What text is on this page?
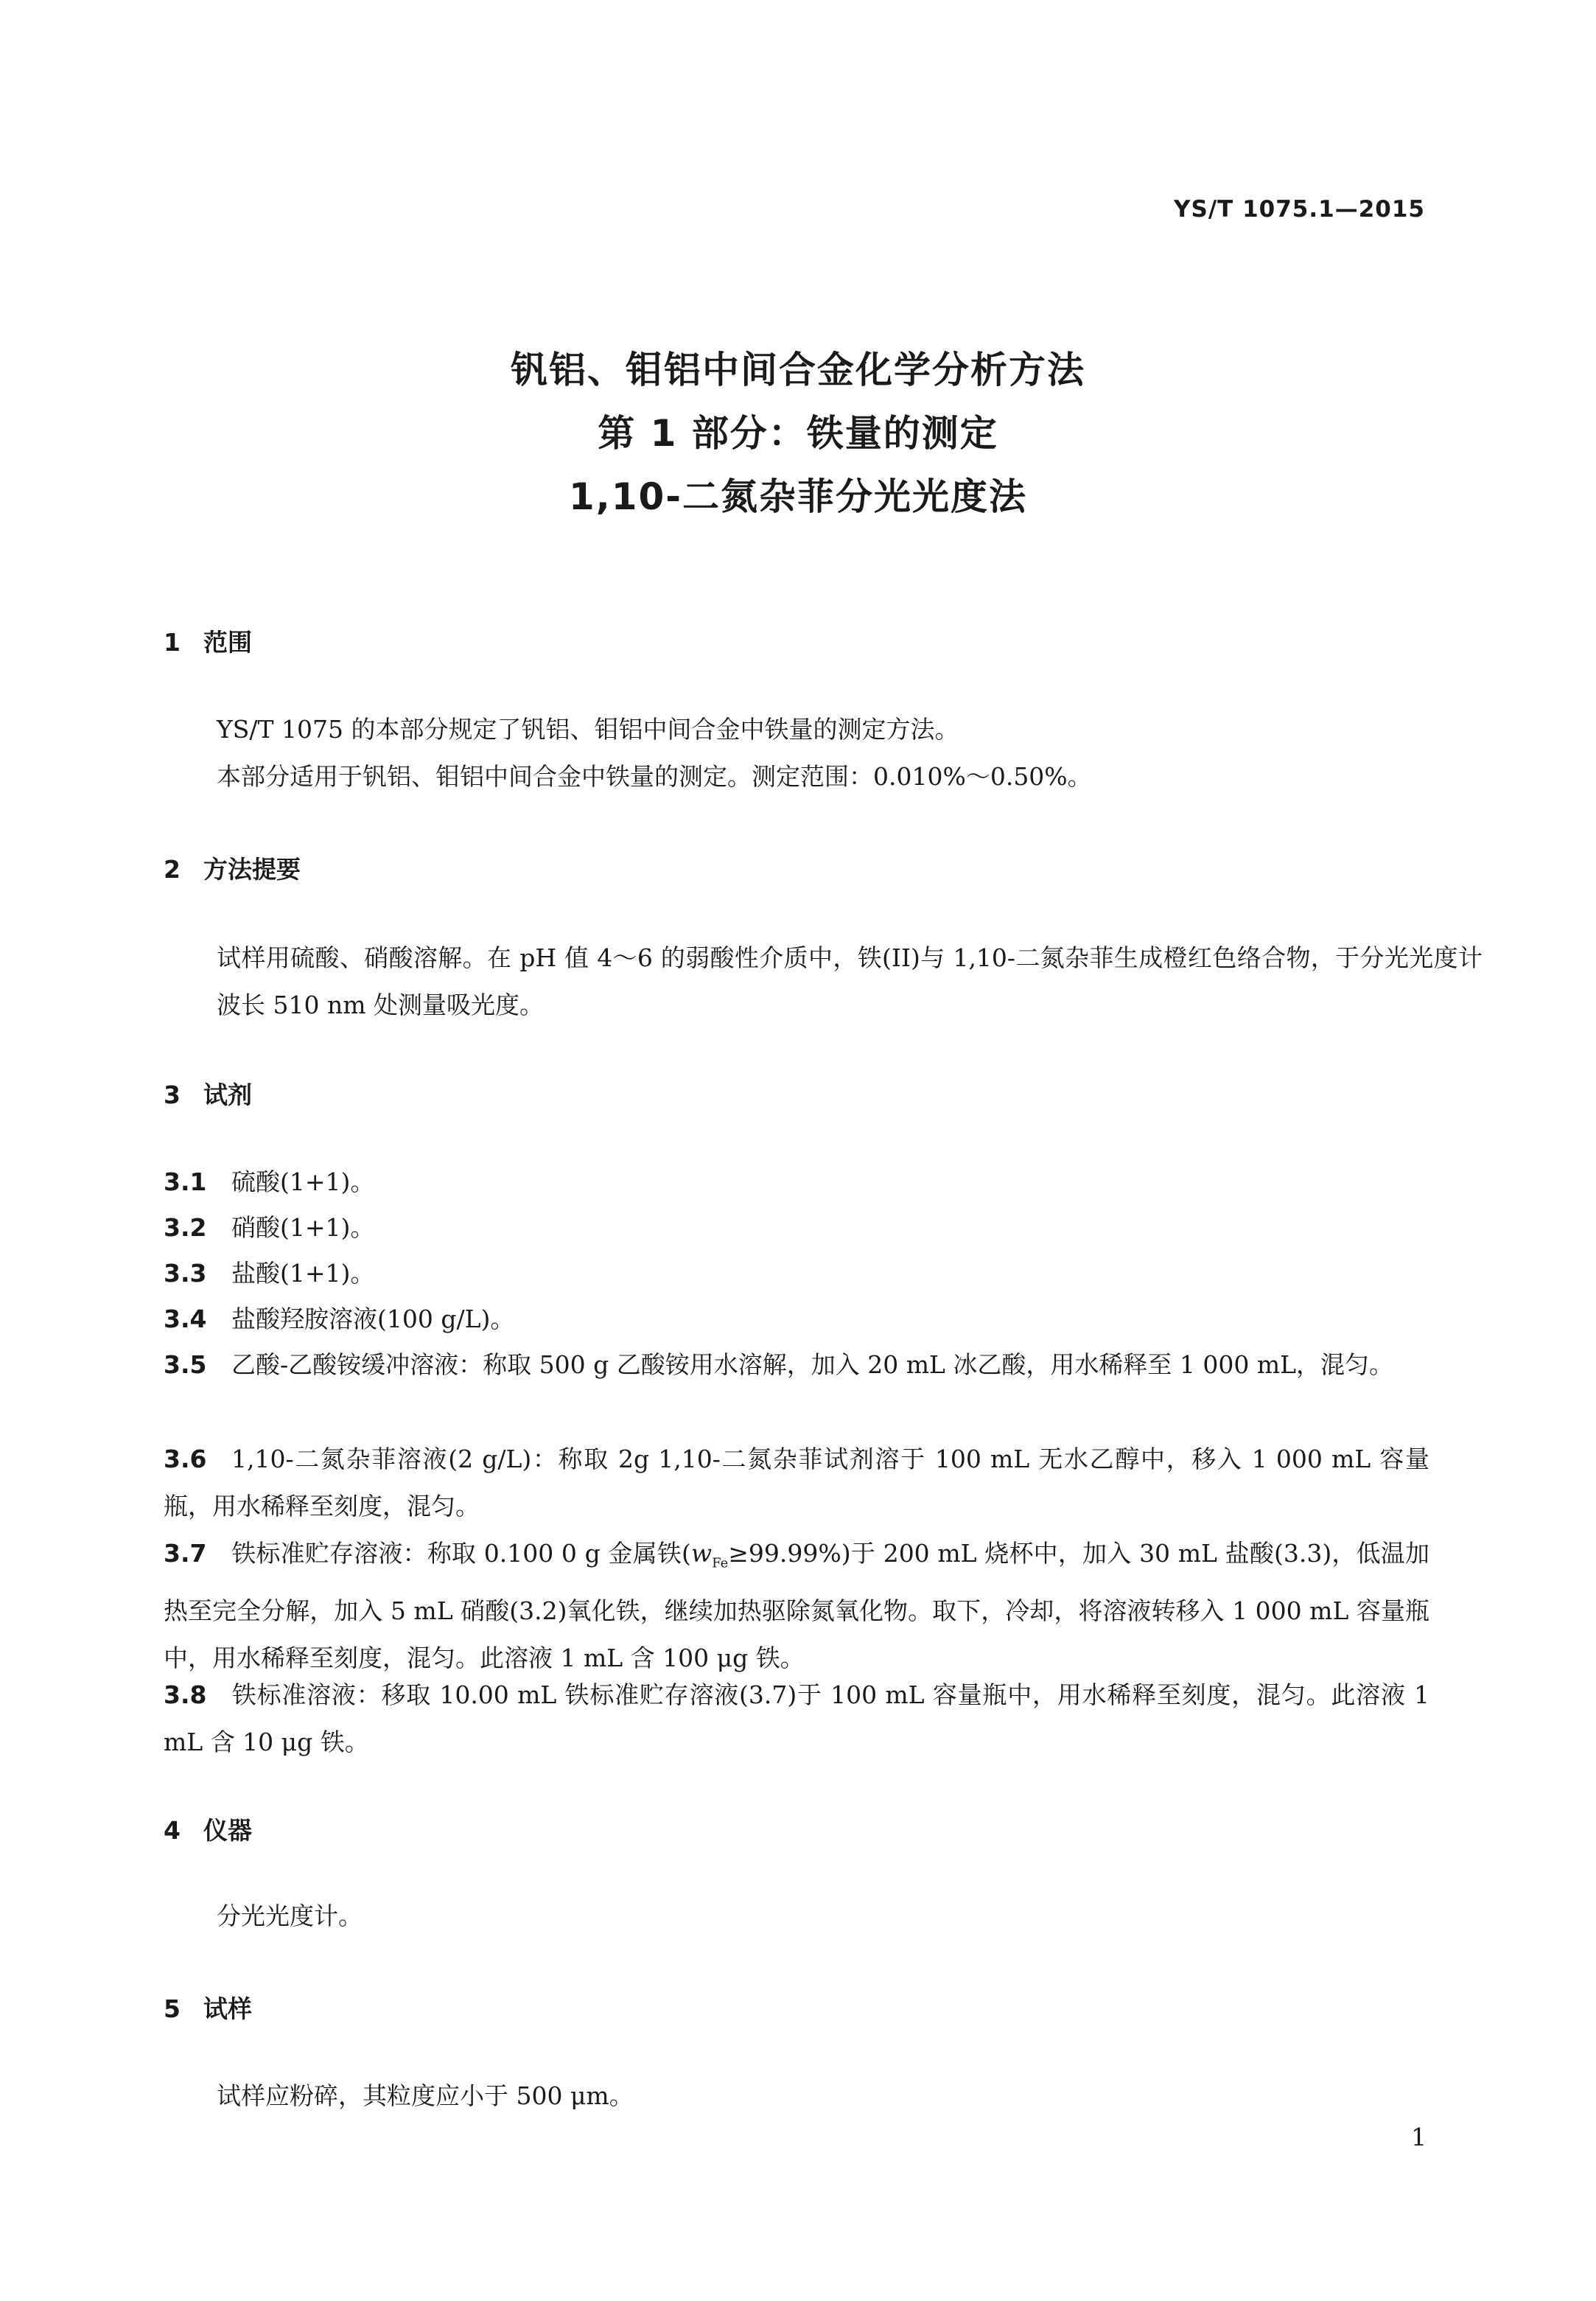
YS/T 1075.1—2015
钒铝、钼铝中间合金化学分析方法
第 1 部分：铁量的测定
1,10-二氮杂菲分光光度法
1 范围
YS/T 1075 的本部分规定了钒铝、钼铝中间合金中铁量的测定方法。
本部分适用于钒铝、钼铝中间合金中铁量的测定。测定范围：0.010%～0.50%。
2 方法提要
试样用硫酸、硝酸溶解。在 pH 值 4～6 的弱酸性介质中，铁(II)与 1,10-二氮杂菲生成橙红色络合物，于分光光度计波长 510 nm 处测量吸光度。
3 试剂
3.1 硫酸(1+1)。
3.2 硝酸(1+1)。
3.3 盐酸(1+1)。
3.4 盐酸羟胺溶液(100 g/L)。
3.5 乙酸-乙酸铵缓冲溶液：称取 500 g 乙酸铵用水溶解，加入 20 mL 冰乙酸，用水稀释至 1 000 mL，混匀。
3.6 1,10-二氮杂菲溶液(2 g/L)：称取 2g 1,10-二氮杂菲试剂溶于 100 mL 无水乙醇中，移入 1 000 mL 容量瓶，用水稀释至刻度，混匀。
3.7 铁标准贮存溶液：称取 0.100 0 g 金属铁$(w_{Fe}\ge 99.99\%)$于 200 mL 烧杯中，加入 30 mL 盐酸(3.3)，低温加热至完全分解，加入 5 mL 硝酸(3.2)氧化铁，继续加热驱除氮氧化物。取下，冷却，将溶液转移入 1 000 mL 容量瓶中，用水稀释至刻度，混匀。此溶液 1 mL 含 100 μg 铁。
3.8 铁标准溶液：移取 10.00 mL 铁标准贮存溶液(3.7)于 100 mL 容量瓶中，用水稀释至刻度，混匀。此溶液 1 mL 含 10 μg 铁。
4 仪器
分光光度计。
5 试样
试样应粉碎，其粒度应小于 500 μm。
1
